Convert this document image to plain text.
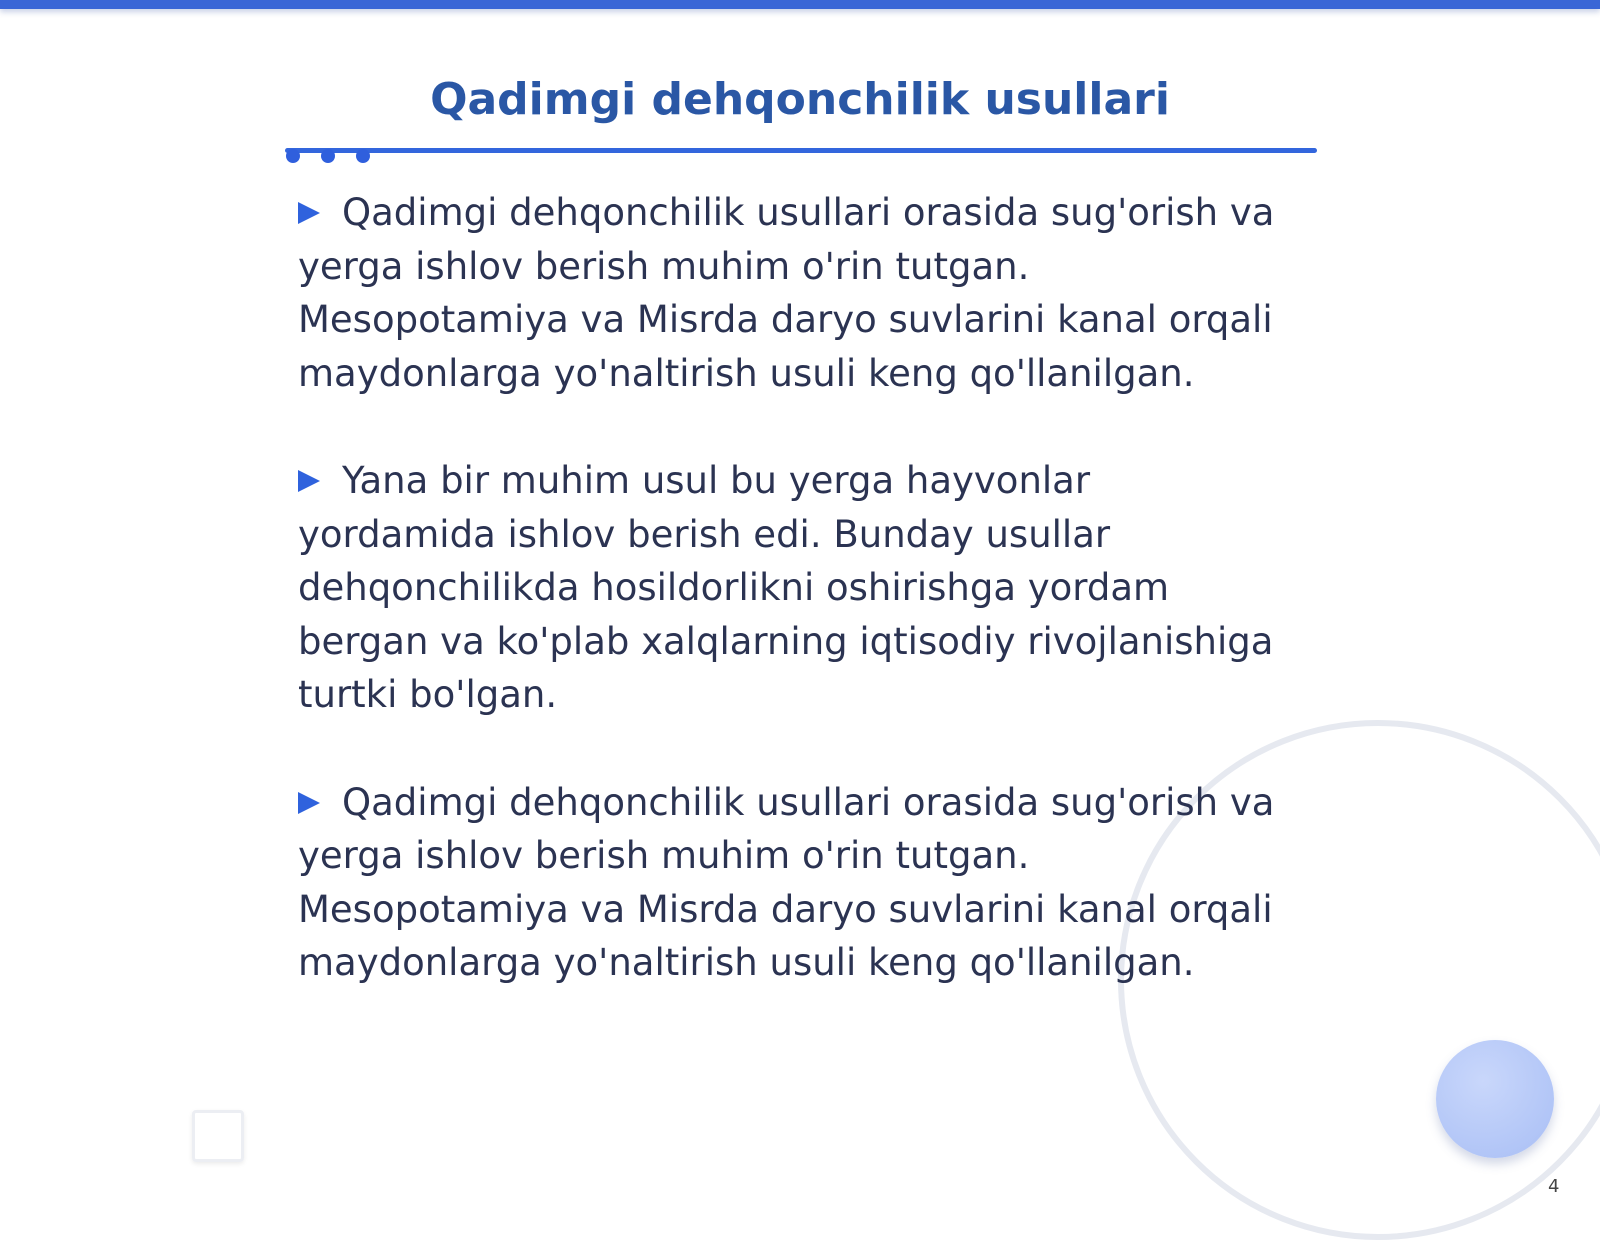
Qadimgi dehqonchilik usullari

Qadimgi dehqonchilik usullari orasida sug'orish va yerga ishlov berish muhim o'rin tutgan. Mesopotamiya va Misrda daryo suvlarini kanal orqali maydonlarga yo'naltirish usuli keng qo'llanilgan.

Yana bir muhim usul bu yerga hayvonlar yordamida ishlov berish edi. Bunday usullar dehqonchilikda hosildorlikni oshirishga yordam bergan va ko'plab xalqlarning iqtisodiy rivojlanishiga turtki bo'lgan.

Qadimgi dehqonchilik usullari orasida sug'orish va yerga ishlov berish muhim o'rin tutgan. Mesopotamiya va Misrda daryo suvlarini kanal orqali maydonlarga yo'naltirish usuli keng qo'llanilgan.

4
